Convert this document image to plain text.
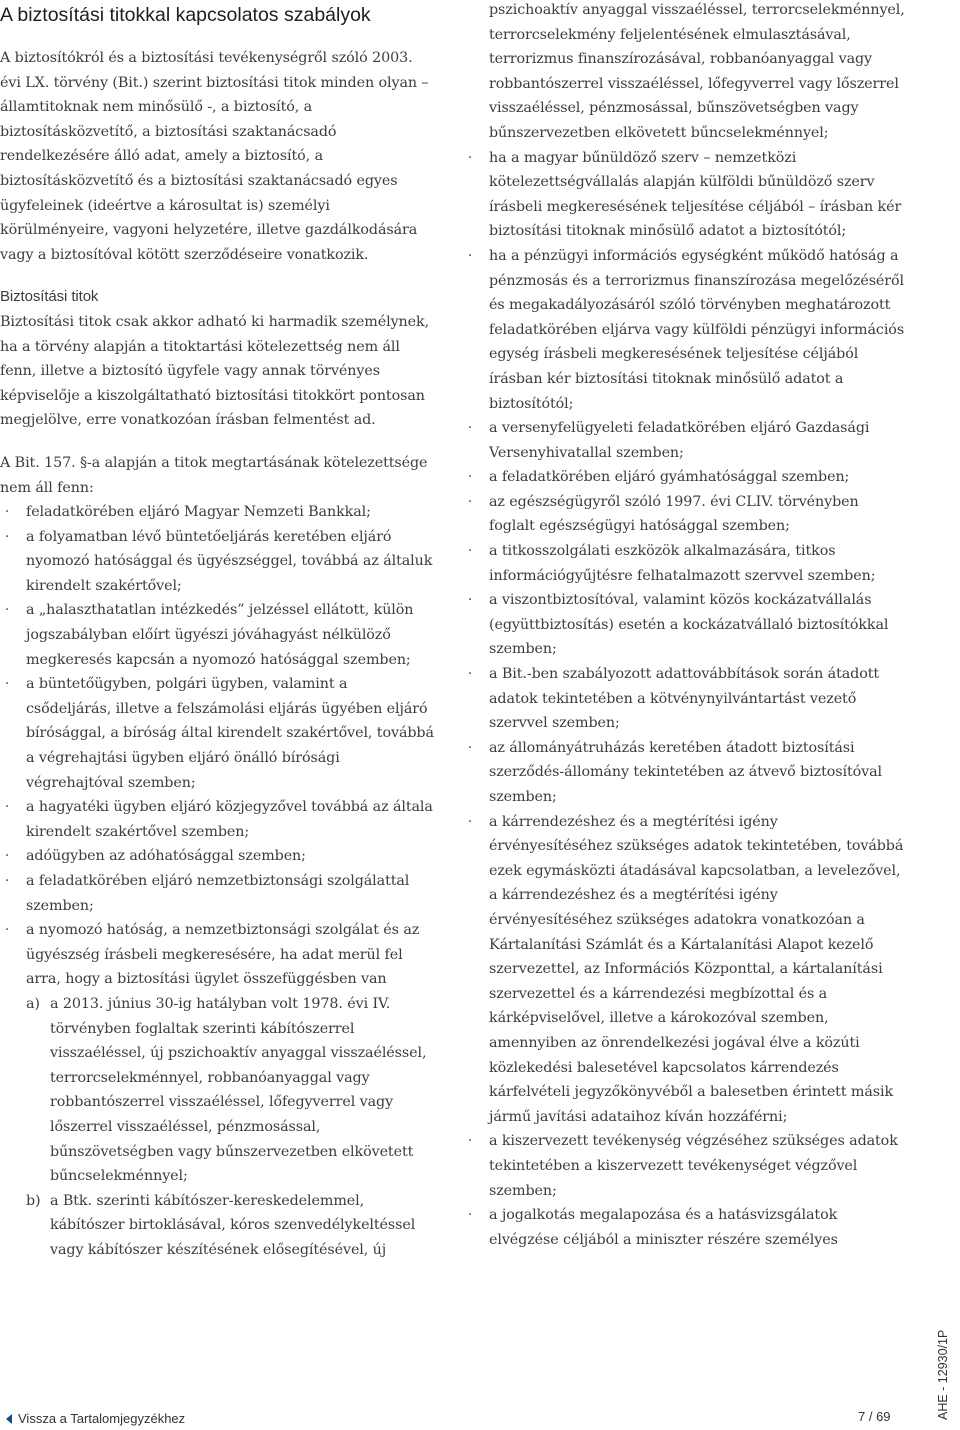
A biztosítási titokkal kapcsolatos szabályok

A biztosítókról és a biztosítási tevékenységről szóló 2003. évi LX. törvény (Bit.) szerint biztosítási titok minden olyan – államtitoknak nem minősülő -, a biztosító, a biztosításközvetítő, a biztosítási szaktanácsadó rendelkezésére álló adat, amely a biztosító, a biztosításközvetítő és a biztosítási szaktanácsadó egyes ügyfeleinek (ideértve a károsultat is) személyi körülményeire, vagyoni helyzetére, illetve gazdálkodására vagy a biztosítóval kötött szerződéseire vonatkozik.

Biztosítási titok

Biztosítási titok csak akkor adható ki harmadik személynek, ha a törvény alapján a titoktartási kötelezettség nem áll fenn, illetve a biztosító ügyfele vagy annak törvényes képviselője a kiszolgáltatható biztosítási titokkört pontosan megjelölve, erre vonatkozóan írásban felmentést ad.

A Bit. 157. §-a alapján a titok megtartásának kötelezettsége nem áll fenn:

· feladatkörében eljáró Magyar Nemzeti Bankkal;
· a folyamatban lévő büntetőeljárás keretében eljáró nyomozó hatósággal és ügyészséggel, továbbá az általuk kirendelt szakértővel;
· a „halaszthatatlan intézkedés” jelzéssel ellátott, külön jogszabályban előírt ügyészi jóváhagyást nélkülöző megkeresés kapcsán a nyomozó hatósággal szemben;
· a büntetőügyben, polgári ügyben, valamint a csődeljárás, illetve a felszámolási eljárás ügyében eljáró bírósággal, a bíróság által kirendelt szakértővel, továbbá a végrehajtási ügyben eljáró önálló bírósági végrehajtóval szemben;
· a hagyatéki ügyben eljáró közjegyzővel továbbá az általa kirendelt szakértővel szemben;
· adóügyben az adóhatósággal szemben;
· a feladatkörében eljáró nemzetbiztonsági szolgálattal szemben;
· a nyomozó hatóság, a nemzetbiztonsági szolgálat és az ügyészség írásbeli megkeresésére, ha adat merül fel arra, hogy a biztosítási ügylet összefüggésben van
a) a 2013. június 30-ig hatályban volt 1978. évi IV. törvényben foglaltak szerinti kábítószerrel visszaéléssel, új pszichoaktív anyaggal visszaéléssel, terrorcselekménnyel, robbanóanyaggal vagy robbantószerrel visszaéléssel, lőfegyverrel vagy lőszerrel visszaéléssel, pénzmosással, bűnszövetségben vagy bűnszervezetben elkövetett bűncselekménnyel;
b) a Btk. szerinti kábítószer-kereskedelemmel, kábítószer birtoklásával, kóros szenvedélykeltéssel vagy kábítószer készítésének elősegítésével, új

pszichoaktív anyaggal visszaéléssel, terrorcselekménnyel, terrorcselekmény feljelentésének elmulasztásával, terrorizmus finanszírozásával, robbanóanyaggal vagy robbantószerrel visszaéléssel, lőfegyverrel vagy lőszerrel visszaéléssel, pénzmosással, bűnszövetségben vagy bűnszervezetben elkövetett bűncselekménnyel;

· ha a magyar bűnüldöző szerv – nemzetközi kötelezettségvállalás alapján külföldi bűnüldöző szerv írásbeli megkeresésének teljesítése céljából – írásban kér biztosítási titoknak minősülő adatot a biztosítótól;
· ha a pénzügyi információs egységként működő hatóság a pénzmosás és a terrorizmus finanszírozása megelőzéséről és megakadályozásáról szóló törvényben meghatározott feladatkörében eljárva vagy külföldi pénzügyi információs egység írásbeli megkeresésének teljesítése céljából írásban kér biztosítási titoknak minősülő adatot a biztosítótól;
· a versenyfelügyeleti feladatkörében eljáró Gazdasági Versenyhivatallal szemben;
· a feladatkörében eljáró gyámhatósággal szemben;
· az egészségügyről szóló 1997. évi CLIV. törvényben foglalt egészségügyi hatósággal szemben;
· a titkosszolgálati eszközök alkalmazására, titkos információgyűjtésre felhatalmazott szervvel szemben;
· a viszontbiztosítóval, valamint közös kockázatvállalás (együttbiztosítás) esetén a kockázatvállaló biztosítókkal szemben;
· a Bit.-ben szabályozott adattovábbítások során átadott adatok tekintetében a kötvénynyilvántartást vezető szervvel szemben;
· az állományátruházás keretében átadott biztosítási szerződés-állomány tekintetében az átvevő biztosítóval szemben;
· a kárrendezéshez és a megtérítési igény érvényesítéséhez szükséges adatok tekintetében, továbbá ezek egymásközti átadásával kapcsolatban, a levelezővel, a kárrendezéshez és a megtérítési igény érvényesítéséhez szükséges adatokra vonatkozóan a Kártalanítási Számlát és a Kártalanítási Alapot kezelő szervezettel, az Információs Központtal, a kártalanítási szervezettel és a kárrendezési megbízottal és a kárképviselővel, illetve a károkozóval szemben, amennyiben az önrendelkezési jogával élve a közúti közlekedési balesetével kapcsolatos kárrendezés kárfelvételi jegyzőkönyvéből a balesetben érintett másik jármű javítási adataihoz kíván hozzáférni;
· a kiszervezett tevékenység végzéséhez szükséges adatok tekintetében a kiszervezett tevékenységet végzővel szemben;
· a jogalkotás megalapozása és a hatásvizsgálatok elvégzése céljából a miniszter részére személyes
Vissza a Tartalomjegyzékhez	7 / 69	AHE - 12930/1P
